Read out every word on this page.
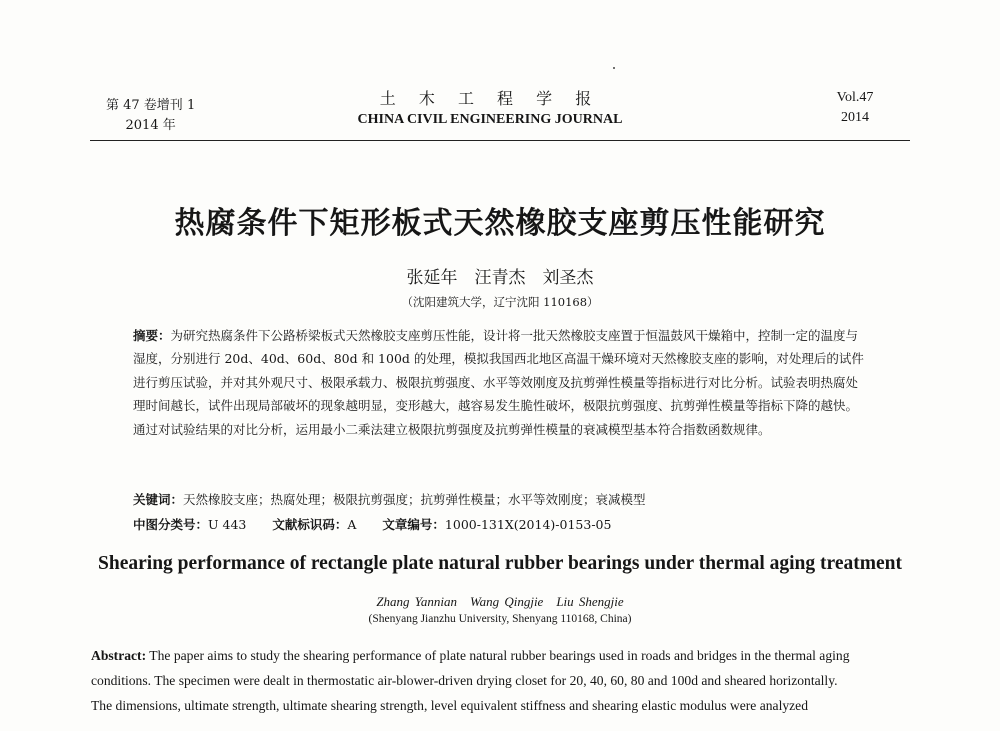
第 47 卷增刊 1
2014 年
土 木 工 程 学 报
CHINA CIVIL ENGINEERING JOURNAL
Vol.47
2014
热腐条件下矩形板式天然橡胶支座剪压性能研究
张延年　汪青杰　刘圣杰
（沈阳建筑大学，辽宁沈阳 110168）
摘要：为研究热腐条件下公路桥梁板式天然橡胶支座剪压性能，设计将一批天然橡胶支座置于恒温鼓风干燥箱中，控制一定的温度与湿度，分别进行 20d、40d、60d、80d 和 100d 的处理，模拟我国西北地区高温干燥环境对天然橡胶支座的影响，对处理后的试件进行剪压试验，并对其外观尺寸、极限承载力、极限抗剪强度、水平等效刚度及抗剪弹性模量等指标进行对比分析。试验表明热腐处理时间越长，试件出现局部破坏的现象越明显，变形越大，越容易发生脆性破坏，极限抗剪强度、抗剪弹性模量等指标下降的越快。通过对试验结果的对比分析，运用最小二乘法建立极限抗剪强度及抗剪弹性模量的衰减模型基本符合指数函数规律。
关键词：天然橡胶支座；热腐处理；极限抗剪强度；抗剪弹性模量；水平等效刚度；衰减模型
中图分类号：U 443 文献标识码：A 文章编号：1000-131X(2014)-0153-05
Shearing performance of rectangle plate natural rubber bearings under thermal aging treatment
Zhang Yannian　Wang Qingjie　Liu Shengjie
(Shenyang Jianzhu University, Shenyang 110168, China)
Abstract: The paper aims to study the shearing performance of plate natural rubber bearings used in roads and bridges in the thermal aging
conditions. The specimen were dealt in thermostatic air-blower-driven drying closet for 20, 40, 60, 80 and 100d and sheared horizontally.
The dimensions, ultimate strength, ultimate shearing strength, level equivalent stiffness and shearing elastic modulus were analyzed
